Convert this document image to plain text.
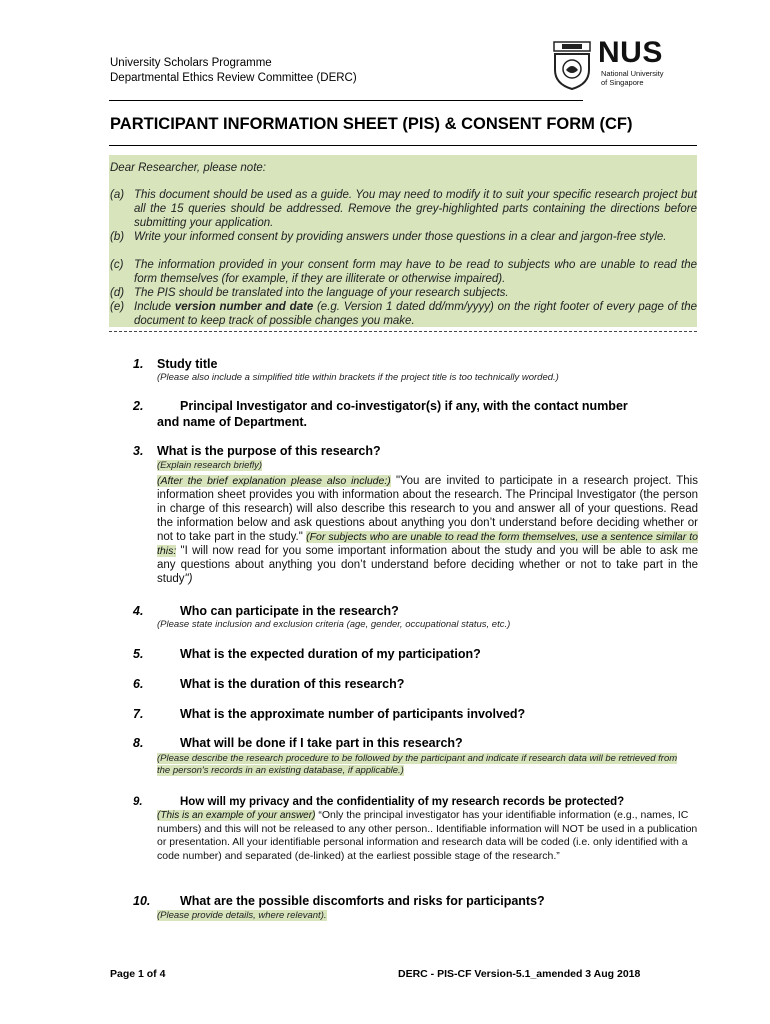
University Scholars Programme
Departmental Ethics Review Committee (DERC)
NUS
National University
of Singapore
PARTICIPANT INFORMATION SHEET (PIS) & CONSENT FORM (CF)
Dear Researcher, please note:
(a) This document should be used as a guide. You may need to modify it to suit your specific research project but all the 15 queries should be addressed. Remove the grey-highlighted parts containing the directions before submitting your application.
(b) Write your informed consent by providing answers under those questions in a clear and jargon-free style.
(c) The information provided in your consent form may have to be read to subjects who are unable to read the form themselves (for example, if they are illiterate or otherwise impaired).
(d) The PIS should be translated into the language of your research subjects.
(e) Include version number and date (e.g. Version 1 dated dd/mm/yyyy) on the right footer of every page of the document to keep track of possible changes you make.
1. Study title
(Please also include a simplified title within brackets if the project title is too technically worded.)
2.	Principal Investigator and co-investigator(s) if any, with the contact number
and name of Department.
3. What is the purpose of this research?
(Explain research briefly)
(After the brief explanation please also include:) "You are invited to participate in a research project. This information sheet provides you with information about the research. The Principal Investigator (the person in charge of this research) will also describe this research to you and answer all of your questions. Read the information below and ask questions about anything you don’t understand before deciding whether or not to take part in the study." (For subjects who are unable to read the form themselves, use a sentence similar to this: "I will now read for you some important information about the study and you will be able to ask me any questions about anything you don’t understand before deciding whether or not to take part in the study")
4.	Who can participate in the research?
(Please state inclusion and exclusion criteria (age, gender, occupational status, etc.)
5.	What is the expected duration of my participation?
6.	What is the duration of this research?
7.	What is the approximate number of participants involved?
8.	What will be done if I take part in this research?
(Please describe the research procedure to be followed by the participant and indicate if research data will be retrieved from the person's records in an existing database, if applicable.)
9.	How will my privacy and the confidentiality of my research records be protected?
(This is an example of your answer) “Only the principal investigator has your identifiable information (e.g., names, IC numbers) and this will not be released to any other person.. Identifiable information will NOT be used in a publication or presentation. All your identifiable personal information and research data will be coded (i.e. only identified with a code number) and separated (de-linked) at the earliest possible stage of the research.”
10. What are the possible discomforts and risks for participants?
(Please provide details, where relevant).
Page 1 of 4	DERC - PIS-CF Version-5.1_amended 3 Aug 2018
